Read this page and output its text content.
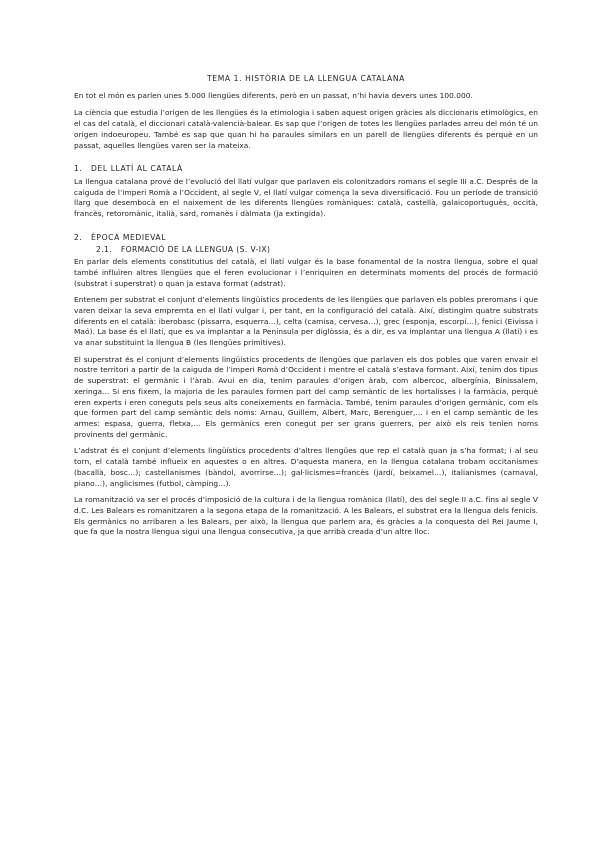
TEMA 1. HISTÒRIA DE LA LLENGUA CATALANA

En tot el món es parlen unes 5.000 llengües diferents, però en un passat, n’hi havia devers unes 100.000.

La ciència que estudia l’origen de les llengües és la etimologia i saben aquest origen gràcies als diccionaris etimològics, en el cas del català, el diccionari català-valencià-balear. Es sap que l’origen de totes les llengües parlades arreu del món té un origen indoeuropeu. També es sap que quan hi ha paraules similars en un parell de llengües diferents és perquè en un passat, aquelles llengües varen ser la mateixa.

1. DEL LLATÍ AL CATALÀ

La llengua catalana prové de l’evolució del llatí vulgar que parlaven els colonitzadors romans el segle III a.C. Després de la caiguda de l’imperi Romà a l’Occident, al segle V, el llatí vulgar comença la seva diversificació. Fou un període de transició llarg que desembocà en el naixement de les diferents llengües romàniques: català, castellà, galaicoportuguès, occità, francès, retoromànic, italià, sard, romanès i dàlmata (ja extingida).

2. ÈPOCA MEDIEVAL
2.1. FORMACIÓ DE LA LLENGUA (S. V-IX)

En parlar dels elements constitutius del català, el llatí vulgar és la base fonamental de la nostra llengua, sobre el qual també influïren altres llengües que el feren evolucionar i l’enriquiren en determinats moments del procés de formació (substrat i superstrat) o quan ja estava format (adstrat).

Entenem per substrat el conjunt d’elements lingüístics procedents de les llengües que parlaven els pobles preromans i que varen deixar la seva empremta en el llatí vulgar i, per tant, en la configuració del català. Així, distingim quatre substrats diferents en el català: iberobasc (pissarra, esquerra…), celta (camisa, cervesa…), grec (esponja, escorpí…), fenici (Eivissa i Maó). La base és el llatí, que es va implantar a la Península per diglòssia, és a dir, es va implantar una llengua A (llatí) i es va anar substituint la llengua B (les llengües primitives).

El superstrat és el conjunt d’elements lingüístics procedents de llengües que parlaven els dos pobles que varen envair el nostre territori a partir de la caiguda de l’imperi Romà d’Occident i mentre el català s’estava formant. Així, tenim dos tipus de superstrat: el germànic i l’àrab. Avui en dia, tenim paraules d’origen àrab, com albercoc, albergínia, Binissalem, xeringa… Si ens fixem, la majoria de les paraules formen part del camp semàntic de les hortalisses i la farmàcia, perquè eren experts i eren coneguts pels seus alts coneixements en farmàcia. També, tenim paraules d’origen germànic, com els que formen part del camp semàntic dels noms: Arnau, Guillem, Albert, Marc, Berenguer,… i en el camp semàntic de les armes: espasa, guerra, fletxa,… Els germànics eren conegut per ser grans guerrers, per això els reis tenien noms provinents del germànic.

L’adstrat és el conjunt d’elements lingüístics procedents d’altres llengües que rep el català quan ja s’ha format; i al seu torn, el català també influeix en aquestes o en altres. D’aquesta manera, en la llengua catalana trobam occitanismes (bacallà, bosc…); castellanismes (bàndol, avorrirse…); gal·licismes=francès (jardí, beixamel…), italianismes (carnaval, piano…), anglicismes (futbol, càmping…).

La romanització va ser el procés d’imposició de la cultura i de la llengua romànica (llatí), des del segle II a.C. fins al segle V d.C. Les Balears es romanitzaren a la segona etapa de la romanització. A les Balears, el substrat era la llengua dels fenicis. Els germànics no arribaren a les Balears, per això, la llengua que parlem ara, és gràcies a la conquesta del Rei Jaume I, que fa que la nostra llengua sigui una llengua consecutiva, ja que arribà creada d’un altre lloc.
